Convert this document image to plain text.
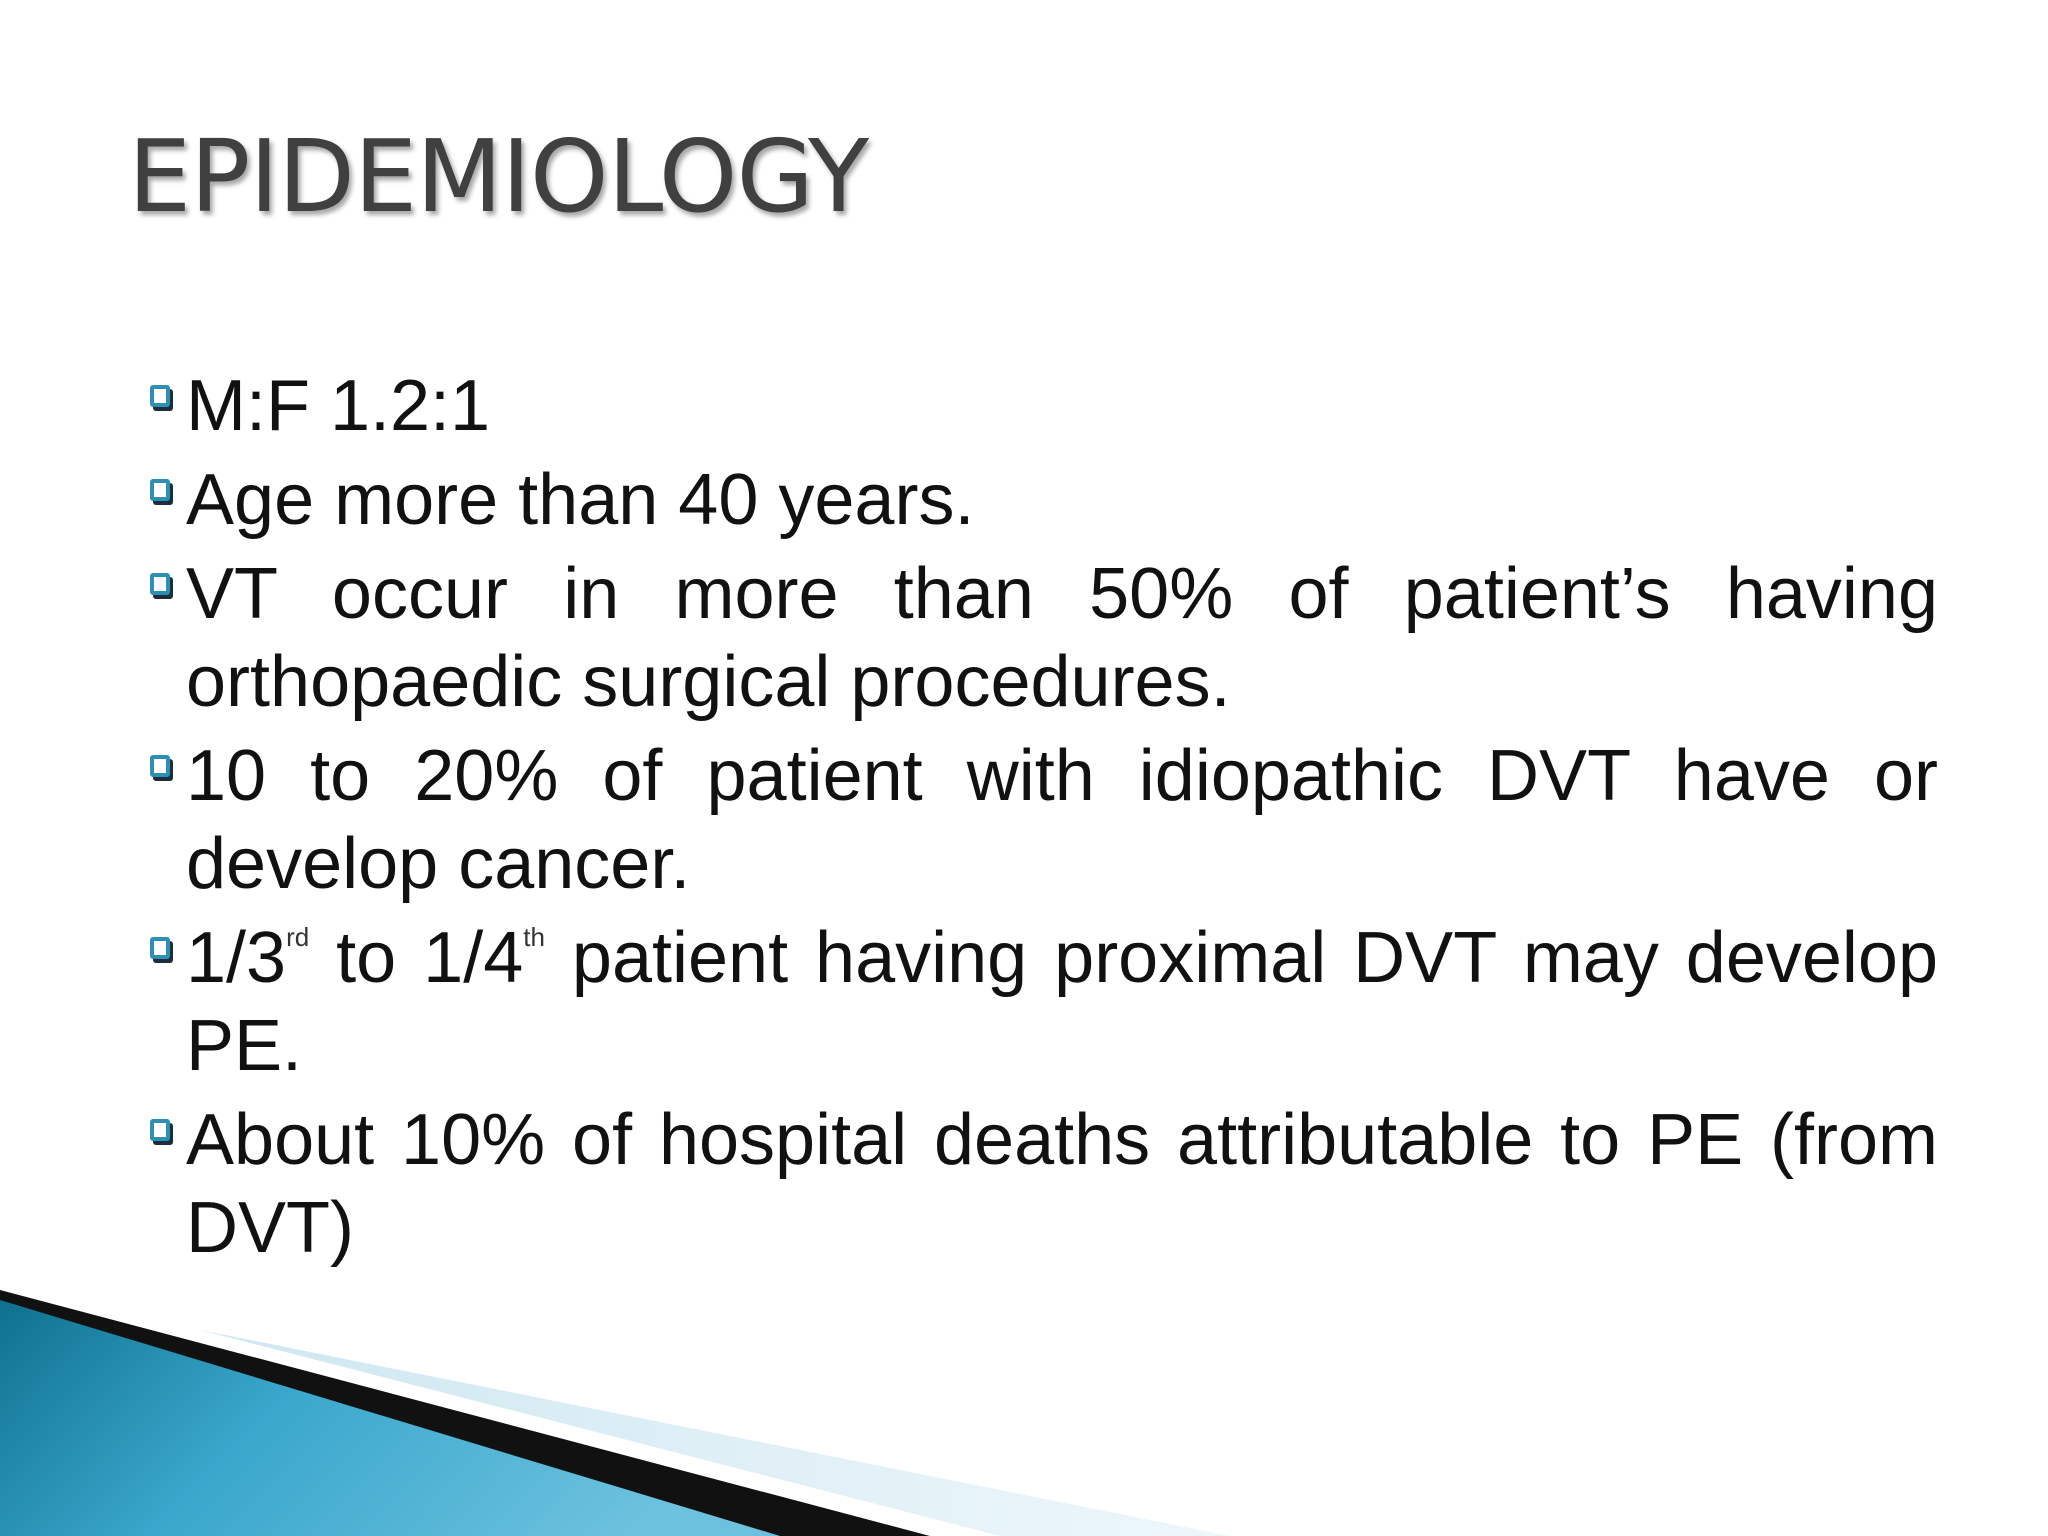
EPIDEMIOLOGY
M:F 1.2:1
Age more than 40 years.
VT occur in more than 50% of patient’s having orthopaedic surgical procedures.
10 to 20% of patient with idiopathic DVT have or develop cancer.
1/3rd to 1/4th patient having proximal DVT may develop PE.
About 10% of hospital deaths attributable to PE (from DVT)
